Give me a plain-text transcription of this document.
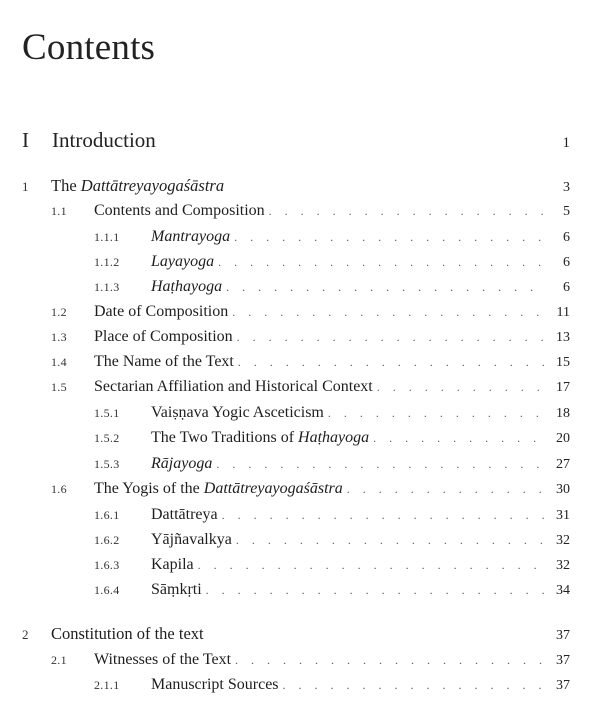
Contents
I	Introduction	1
1	The Dattātreyayogaśāstra	3
1.1	Contents and Composition . . .	5
1.1.1	Mantrayoga . . .	6
1.1.2	Layayoga . . .	6
1.1.3	Haṭhayoga . . .	6
1.2	Date of Composition . . .	11
1.3	Place of Composition . . .	13
1.4	The Name of the Text . . .	15
1.5	Sectarian Affiliation and Historical Context . . .	17
1.5.1	Vaiṣṇava Yogic Asceticism . . .	18
1.5.2	The Two Traditions of Haṭhayoga . . .	20
1.5.3	Rājayoga . . .	27
1.6	The Yogis of the Dattātreyayogaśāstra . . .	30
1.6.1	Dattātreya . . .	31
1.6.2	Yājñavalkya . . .	32
1.6.3	Kapila . . .	32
1.6.4	Sāṃkṛti . . .	34
2	Constitution of the text	37
2.1	Witnesses of the Text . . .	37
2.1.1	Manuscript Sources . . .	37
